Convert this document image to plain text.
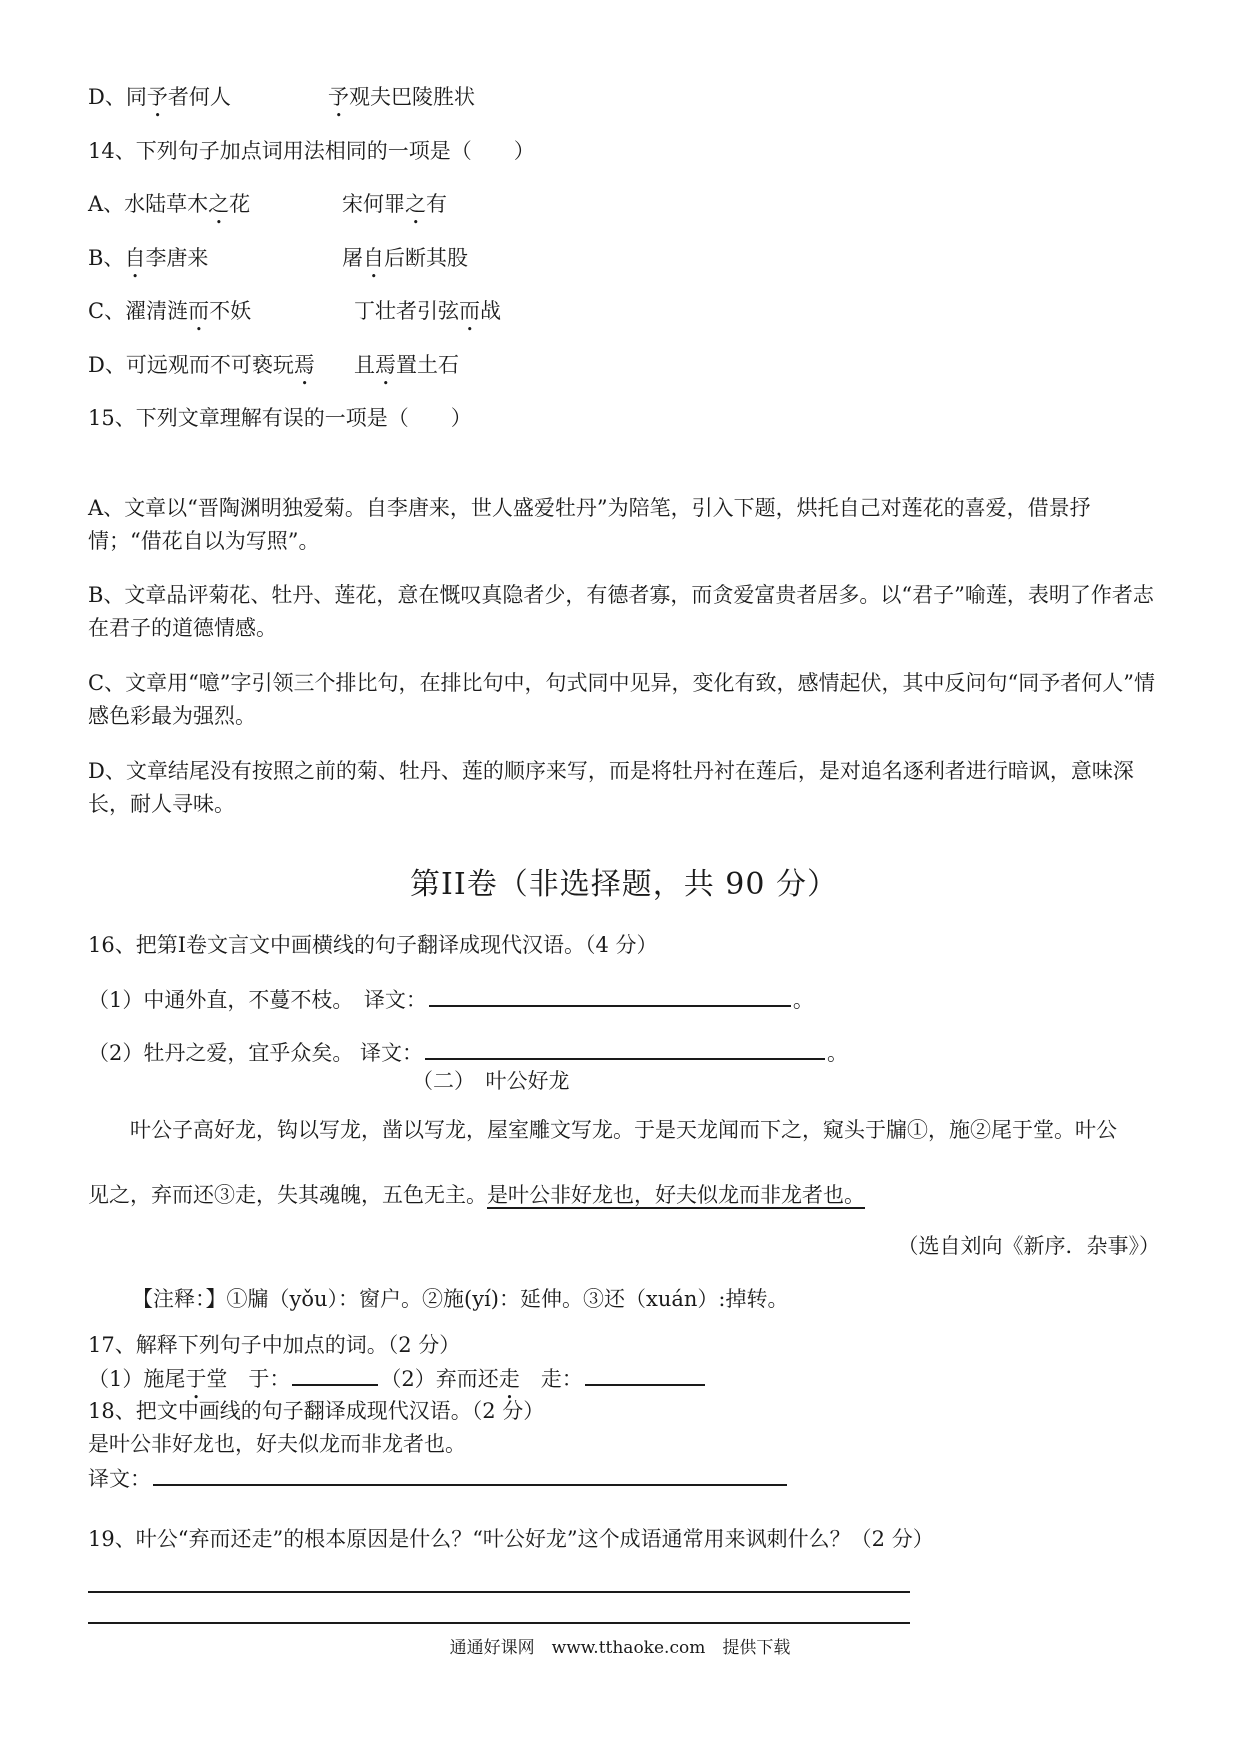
D、同予者何人	予观夫巴陵胜状
14、下列句子加点词用法相同的一项是（　　）
A、水陆草木之花	宋何罪之有
B、自李唐来	屠自后断其股
C、濯清涟而不妖	丁壮者引弦而战
D、可远观而不可亵玩焉 且焉置土石
15、下列文章理解有误的一项是（　　）
A、文章以“晋陶渊明独爱菊。自李唐来，世人盛爱牡丹”为陪笔，引入下题，烘托自己对莲花的喜爱，借景抒情；“借花自以为写照”。
B、文章品评菊花、牡丹、莲花，意在慨叹真隐者少，有德者寡，而贪爱富贵者居多。以“君子”喻莲，表明了作者志在君子的道德情感。
C、文章用“噫”字引领三个排比句，在排比句中，句式同中见异，变化有致，感情起伏，其中反问句“同予者何人”情感色彩最为强烈。
D、文章结尾没有按照之前的菊、牡丹、莲的顺序来写，而是将牡丹衬在莲后，是对追名逐利者进行暗讽，意味深长，耐人寻味。
第II卷（非选择题，共 90 分）
16、把第Ⅰ卷文言文中画横线的句子翻译成现代汉语。（4 分）
（1）中通外直，不蔓不枝。　译文：	。
（2）牡丹之爱，宜乎众矣。 译文：	。
（二）　叶公好龙
叶公子高好龙，钩以写龙，凿以写龙，屋室雕文写龙。于是天龙闻而下之，窥头于牖①，施②尾于堂。叶公
见之，弃而还③走，失其魂魄，五色无主。是叶公非好龙也，好夫似龙而非龙者也。
（选自刘向《新序．杂事》）
【注释：】①牖（yǒu）：窗户。②施(yí)：延伸。③还（xuán）:掉转。
17、解释下列句子中加点的词。（2 分）
（1）施尾于堂　于：	（2）弃而还走　走：
18、把文中画线的句子翻译成现代汉语。（2 分）
是叶公非好龙也，好夫似龙而非龙者也。
译文：
19、叶公“弃而还走”的根本原因是什么？“叶公好龙”这个成语通常用来讽刺什么？（2 分）
通通好课网　www.tthaoke.com　提供下载
